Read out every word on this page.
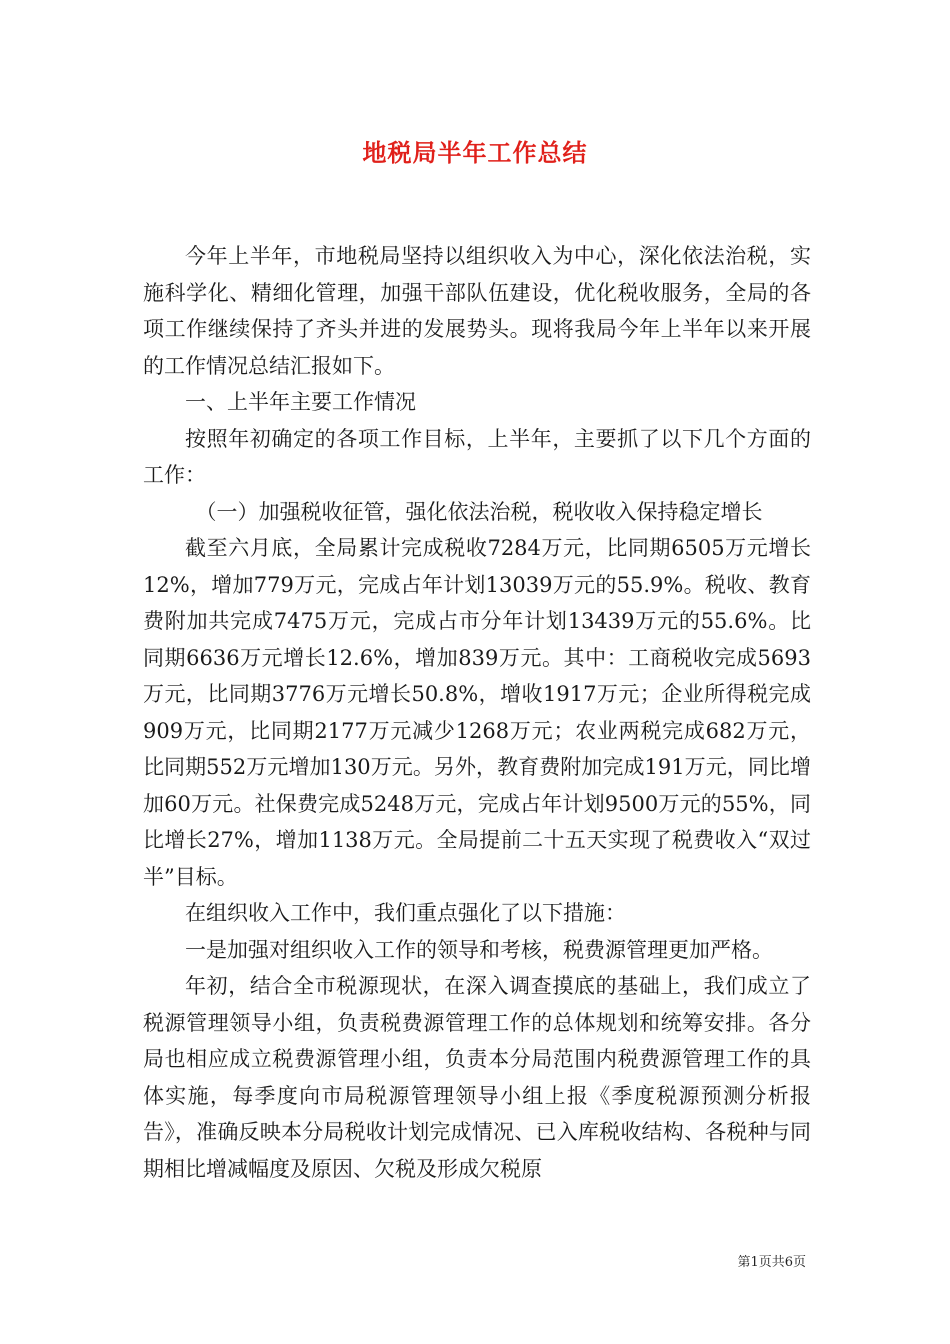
地税局半年工作总结

今年上半年，市地税局坚持以组织收入为中心，深化依法治税，实施科学化、精细化管理，加强干部队伍建设，优化税收服务，全局的各项工作继续保持了齐头并进的发展势头。现将我局今年上半年以来开展的工作情况总结汇报如下。

一、上半年主要工作情况

按照年初确定的各项工作目标，上半年，主要抓了以下几个方面的工作：

（一）加强税收征管，强化依法治税，税收收入保持稳定增长

截至六月底，全局累计完成税收7284万元，比同期6505万元增长12%，增加779万元，完成占年计划13039万元的55.9%。税收、教育费附加共完成7475万元，完成占市分年计划13439万元的55.6%。比同期6636万元增长12.6%，增加839万元。其中：工商税收完成5693万元，比同期3776万元增长50.8%，增收1917万元；企业所得税完成909万元，比同期2177万元减少1268万元；农业两税完成682万元，比同期552万元增加130万元。另外，教育费附加完成191万元，同比增加60万元。社保费完成5248万元，完成占年计划9500万元的55%，同比增长27%，增加1138万元。全局提前二十五天实现了税费收入“双过半”目标。

在组织收入工作中，我们重点强化了以下措施：

一是加强对组织收入工作的领导和考核，税费源管理更加严格。

年初，结合全市税源现状，在深入调查摸底的基础上，我们成立了税源管理领导小组，负责税费源管理工作的总体规划和统筹安排。各分局也相应成立税费源管理小组，负责本分局范围内税费源管理工作的具体实施，每季度向市局税源管理领导小组上报《季度税源预测分析报告》，准确反映本分局税收计划完成情况、已入库税收结构、各税种与同期相比增减幅度及原因、欠税及形成欠税原

第1页共6页
